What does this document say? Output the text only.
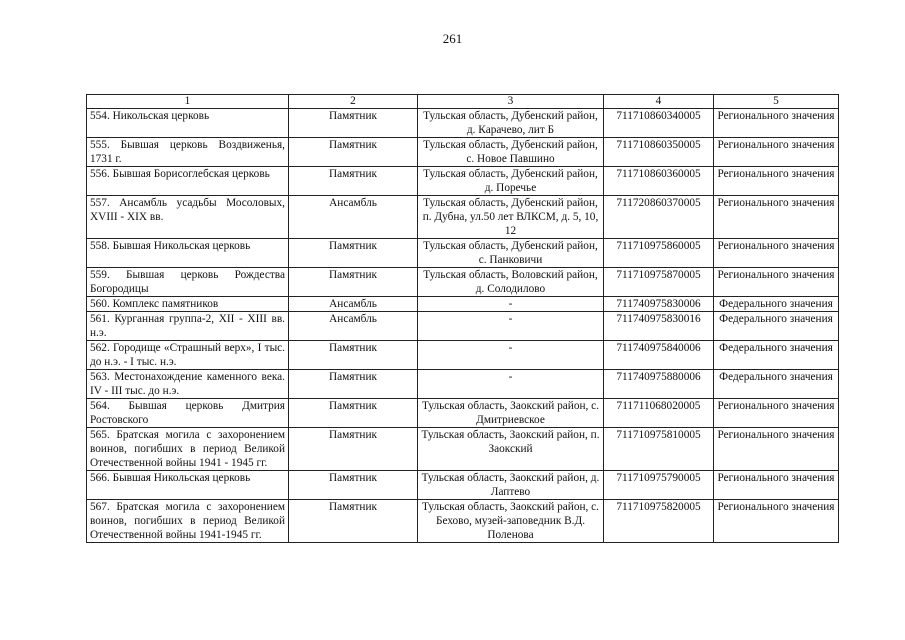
261
1	2	3	4	5
554. Никольская церковь	Памятник	Тульская область, Дубенский район, д. Карачево, лит Б	711710860340005	Регионального значения
555. Бывшая церковь Воздвиженья, 1731 г.	Памятник	Тульская область, Дубенский район, с. Новое Павшино	711710860350005	Регионального значения
556. Бывшая Борисоглебская церковь	Памятник	Тульская область, Дубенский район, д. Поречье	711710860360005	Регионального значения
557. Ансамбль усадьбы Мосоловых, XVIII - XIX вв.	Ансамбль	Тульская область, Дубенский район, п. Дубна, ул.50 лет ВЛКСМ, д. 5, 10, 12	711720860370005	Регионального значения
558. Бывшая Никольская церковь	Памятник	Тульская область, Дубенский район, с. Панковичи	711710975860005	Регионального значения
559. Бывшая церковь Рождества Богородицы	Памятник	Тульская область, Воловский район, д. Солодилово	711710975870005	Регионального значения
560. Комплекс памятников	Ансамбль	-	711740975830006	Федерального значения
561. Курганная группа-2, XII - XIII вв. н.э.	Ансамбль	-	711740975830016	Федерального значения
562. Городище «Страшный верх», I тыс. до н.э. - I тыс. н.э.	Памятник	-	711740975840006	Федерального значения
563. Местонахождение каменного века. IV - III тыс. до н.э.	Памятник	-	711740975880006	Федерального значения
564. Бывшая церковь Дмитрия Ростовского	Памятник	Тульская область, Заокский район, с. Дмитриевское	711711068020005	Регионального значения
565. Братская могила с захоронением воинов, погибших в период Великой Отечественной войны 1941 - 1945 гг.	Памятник	Тульская область, Заокский район, п. Заокский	711710975810005	Регионального значения
566. Бывшая Никольская церковь	Памятник	Тульская область, Заокский район, д. Лаптево	711710975790005	Регионального значения
567. Братская могила с захоронением воинов, погибших в период Великой Отечественной войны 1941-1945 гг.	Памятник	Тульская область, Заокский район, с. Бехово, музей-заповедник В.Д. Поленова	711710975820005	Регионального значения
